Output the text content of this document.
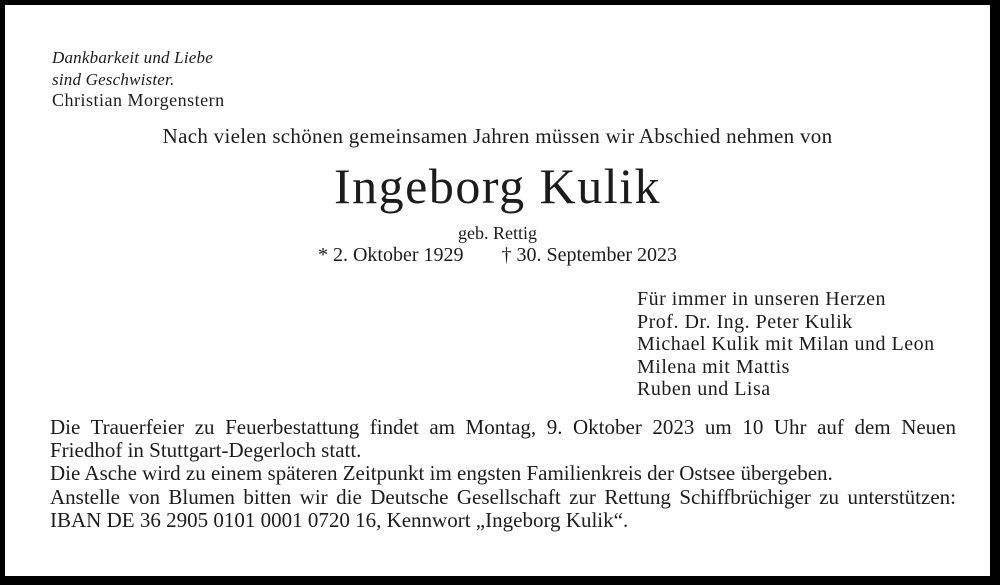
Dankbarkeit und Liebe
sind Geschwister.
Christian Morgenstern
Nach vielen schönen gemeinsamen Jahren müssen wir Abschied nehmen von
Ingeborg Kulik
geb. Rettig
* 2. Oktober 1929 † 30. September 2023
Für immer in unseren Herzen
Prof. Dr. Ing. Peter Kulik
Michael Kulik mit Milan und Leon
Milena mit Mattis
Ruben und Lisa
Die Trauerfeier zu Feuerbestattung findet am Montag, 9. Oktober 2023 um 10 Uhr auf dem Neuen
Friedhof in Stuttgart-Degerloch statt.
Die Asche wird zu einem späteren Zeitpunkt im engsten Familienkreis der Ostsee übergeben.
Anstelle von Blumen bitten wir die Deutsche Gesellschaft zur Rettung Schiffbrüchiger zu unterstützen:
IBAN DE 36 2905 0101 0001 0720 16, Kennwort „Ingeborg Kulik“.
